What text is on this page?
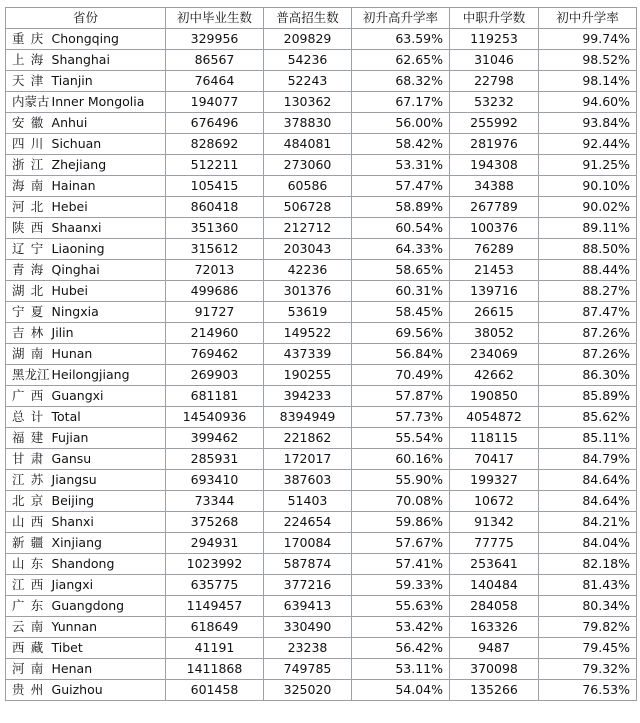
省份	初中毕业生数	普高招生数	初升高升学率	中职升学数	初中升学率
重庆 Chongqing	329956	209829	63.59%	119253	99.74%
上海 Shanghai	86567	54236	62.65%	31046	98.52%
天津 Tianjin	76464	52243	68.32%	22798	98.14%
内蒙古 Inner Mongolia	194077	130362	67.17%	53232	94.60%
安徽 Anhui	676496	378830	56.00%	255992	93.84%
四川 Sichuan	828692	484081	58.42%	281976	92.44%
浙江 Zhejiang	512211	273060	53.31%	194308	91.25%
海南 Hainan	105415	60586	57.47%	34388	90.10%
河北 Hebei	860418	506728	58.89%	267789	90.02%
陕西 Shaanxi	351360	212712	60.54%	100376	89.11%
辽宁 Liaoning	315612	203043	64.33%	76289	88.50%
青海 Qinghai	72013	42236	58.65%	21453	88.44%
湖北 Hubei	499686	301376	60.31%	139716	88.27%
宁夏 Ningxia	91727	53619	58.45%	26615	87.47%
吉林 Jilin	214960	149522	69.56%	38052	87.26%
湖南 Hunan	769462	437339	56.84%	234069	87.26%
黑龙江 Heilongjiang	269903	190255	70.49%	42662	86.30%
广西 Guangxi	681181	394233	57.87%	190850	85.89%
总计 Total	14540936	8394949	57.73%	4054872	85.62%
福建 Fujian	399462	221862	55.54%	118115	85.11%
甘肃 Gansu	285931	172017	60.16%	70417	84.79%
江苏 Jiangsu	693410	387603	55.90%	199327	84.64%
北京 Beijing	73344	51403	70.08%	10672	84.64%
山西 Shanxi	375268	224654	59.86%	91342	84.21%
新疆 Xinjiang	294931	170084	57.67%	77775	84.04%
山东 Shandong	1023992	587874	57.41%	253641	82.18%
江西 Jiangxi	635775	377216	59.33%	140484	81.43%
广东 Guangdong	1149457	639413	55.63%	284058	80.34%
云南 Yunnan	618649	330490	53.42%	163326	79.82%
西藏 Tibet	41191	23238	56.42%	9487	79.45%
河南 Henan	1411868	749785	53.11%	370098	79.32%
贵州 Guizhou	601458	325020	54.04%	135266	76.53%
